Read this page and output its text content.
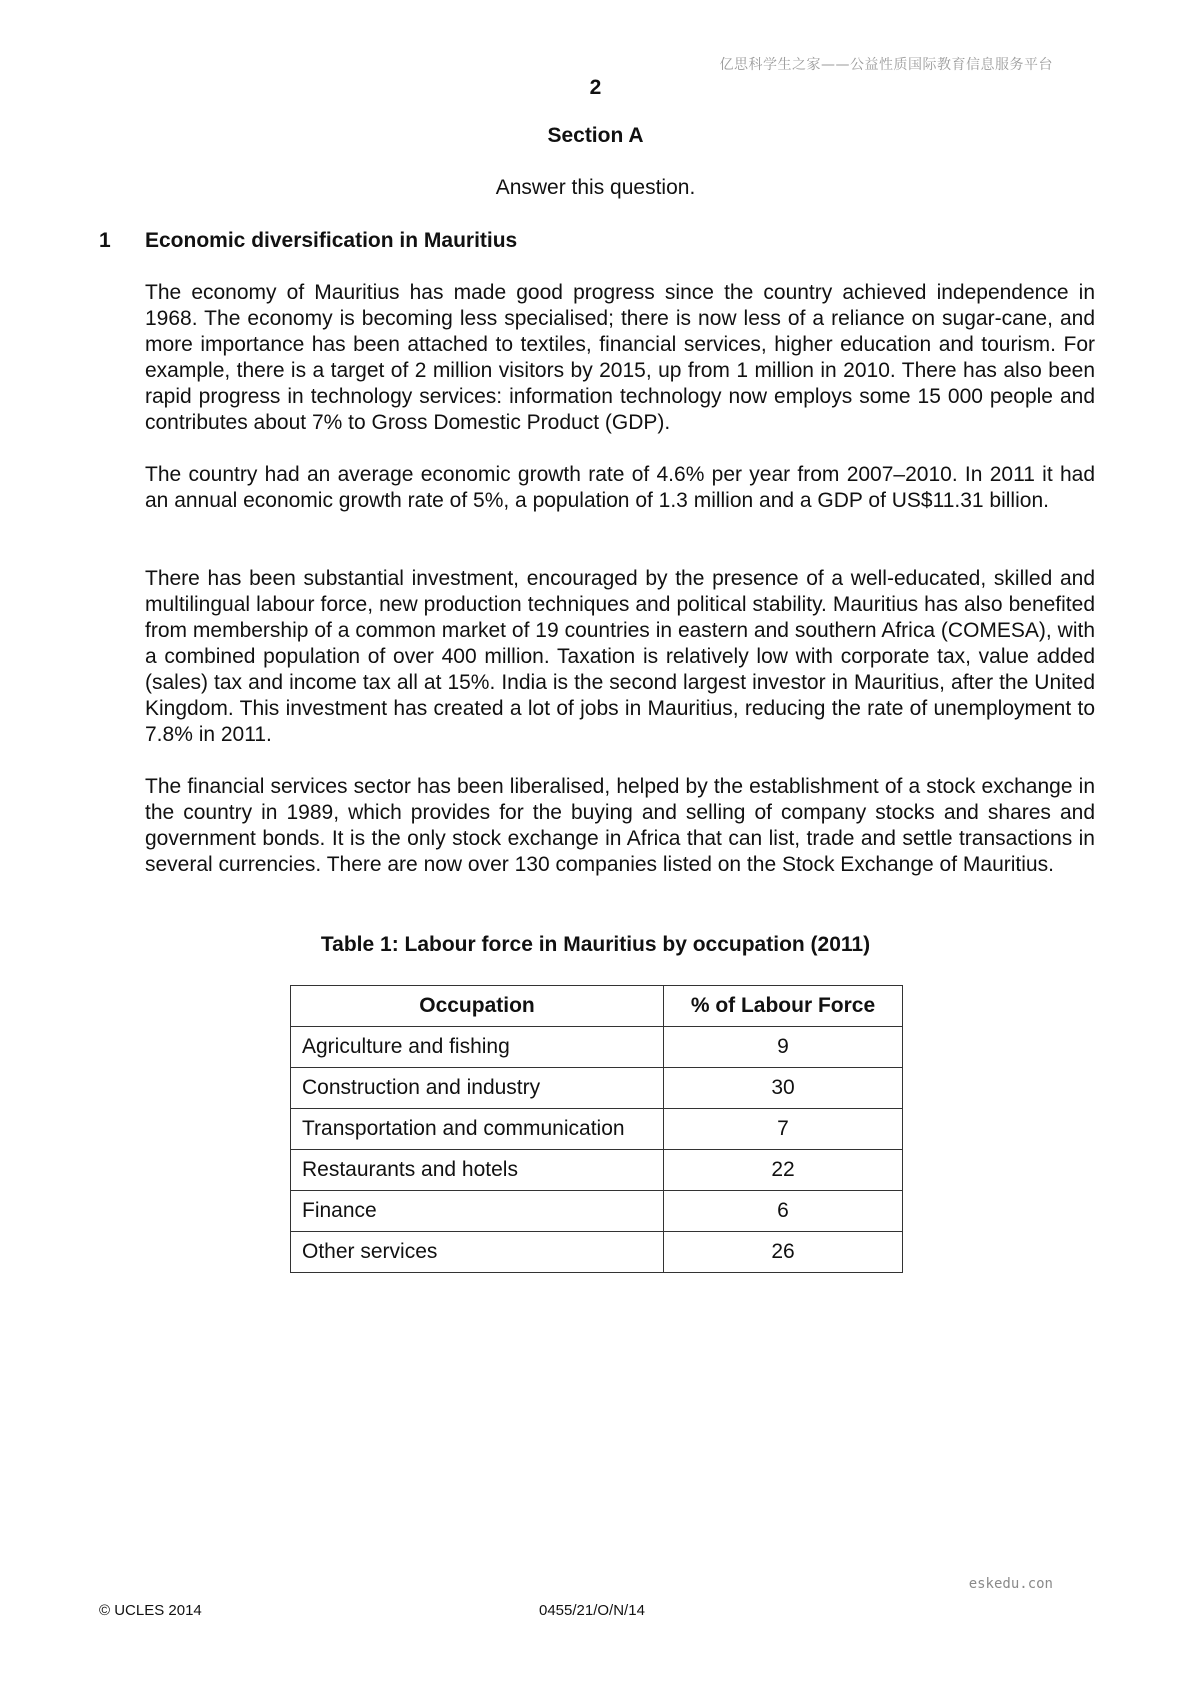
亿思科学生之家——公益性质国际教育信息服务平台
2
Section A
Answer this question.
1 Economic diversification in Mauritius

The economy of Mauritius has made good progress since the country achieved independence in 1968. The economy is becoming less specialised; there is now less of a reliance on sugar-cane, and more importance has been attached to textiles, financial services, higher education and tourism. For example, there is a target of 2 million visitors by 2015, up from 1 million in 2010. There has also been rapid progress in technology services: information technology now employs some 15 000 people and contributes about 7% to Gross Domestic Product (GDP).

The country had an average economic growth rate of 4.6% per year from 2007–2010. In 2011 it had an annual economic growth rate of 5%, a population of 1.3 million and a GDP of US$11.31 billion.

There has been substantial investment, encouraged by the presence of a well-educated, skilled and multilingual labour force, new production techniques and political stability. Mauritius has also benefited from membership of a common market of 19 countries in eastern and southern Africa (COMESA), with a combined population of over 400 million. Taxation is relatively low with corporate tax, value added (sales) tax and income tax all at 15%. India is the second largest investor in Mauritius, after the United Kingdom. This investment has created a lot of jobs in Mauritius, reducing the rate of unemployment to 7.8% in 2011.

The financial services sector has been liberalised, helped by the establishment of a stock exchange in the country in 1989, which provides for the buying and selling of company stocks and shares and government bonds. It is the only stock exchange in Africa that can list, trade and settle transactions in several currencies. There are now over 130 companies listed on the Stock Exchange of Mauritius.

Table 1: Labour force in Mauritius by occupation (2011)
Occupation	% of Labour Force
Agriculture and fishing	9
Construction and industry	30
Transportation and communication	7
Restaurants and hotels	22
Finance	6
Other services	26
eskedu.con
© UCLES 2014	0455/21/O/N/14
